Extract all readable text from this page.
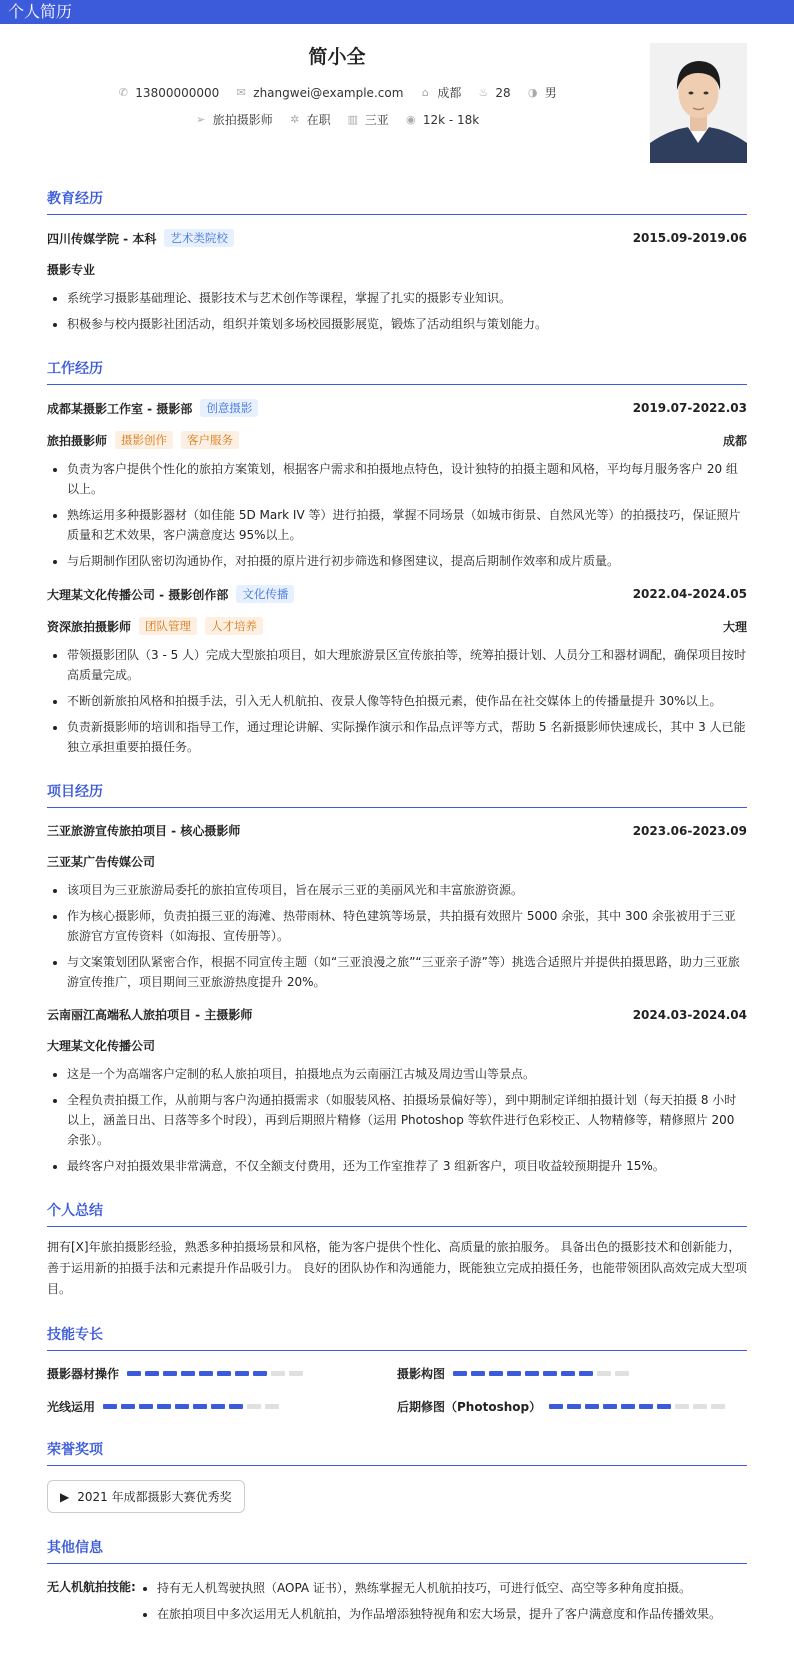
个人简历
简小全
✆ 13800000000 ✉ zhangwei@example.com ⌂ 成都 ♨ 28 ◑ 男
➢ 旅拍摄影师 ✲ 在职 ▥ 三亚 ◉ 12k - 18k
教育经历
四川传媒学院 - 本科	艺术类院校	2015.09-2019.06
摄影专业
• 系统学习摄影基础理论、摄影技术与艺术创作等课程，掌握了扎实的摄影专业知识。
• 积极参与校内摄影社团活动，组织并策划多场校园摄影展览，锻炼了活动组织与策划能力。
工作经历
成都某摄影工作室 - 摄影部	创意摄影	2019.07-2022.03
旅拍摄影师	摄影创作	客户服务	成都
• 负责为客户提供个性化的旅拍方案策划，根据客户需求和拍摄地点特色，设计独特的拍摄主题和风格，平均每月服务客户 20 组以上。
• 熟练运用多种摄影器材（如佳能 5D Mark IV 等）进行拍摄，掌握不同场景（如城市街景、自然风光等）的拍摄技巧，保证照片质量和艺术效果，客户满意度达 95%以上。
• 与后期制作团队密切沟通协作，对拍摄的原片进行初步筛选和修图建议，提高后期制作效率和成片质量。
大理某文化传播公司 - 摄影创作部	文化传播	2022.04-2024.05
资深旅拍摄影师	团队管理	人才培养	大理
• 带领摄影团队（3 - 5 人）完成大型旅拍项目，如大理旅游景区宣传旅拍等，统筹拍摄计划、人员分工和器材调配，确保项目按时高质量完成。
• 不断创新旅拍风格和拍摄手法，引入无人机航拍、夜景人像等特色拍摄元素，使作品在社交媒体上的传播量提升 30%以上。
• 负责新摄影师的培训和指导工作，通过理论讲解、实际操作演示和作品点评等方式，帮助 5 名新摄影师快速成长，其中 3 人已能独立承担重要拍摄任务。
项目经历
三亚旅游宣传旅拍项目 - 核心摄影师	2023.06-2023.09
三亚某广告传媒公司
• 该项目为三亚旅游局委托的旅拍宣传项目，旨在展示三亚的美丽风光和丰富旅游资源。
• 作为核心摄影师，负责拍摄三亚的海滩、热带雨林、特色建筑等场景，共拍摄有效照片 5000 余张，其中 300 余张被用于三亚旅游官方宣传资料（如海报、宣传册等）。
• 与文案策划团队紧密合作，根据不同宣传主题（如“三亚浪漫之旅”“三亚亲子游”等）挑选合适照片并提供拍摄思路，助力三亚旅游宣传推广，项目期间三亚旅游热度提升 20%。
云南丽江高端私人旅拍项目 - 主摄影师	2024.03-2024.04
大理某文化传播公司
• 这是一个为高端客户定制的私人旅拍项目，拍摄地点为云南丽江古城及周边雪山等景点。
• 全程负责拍摄工作，从前期与客户沟通拍摄需求（如服装风格、拍摄场景偏好等），到中期制定详细拍摄计划（每天拍摄 8 小时以上，涵盖日出、日落等多个时段），再到后期照片精修（运用 Photoshop 等软件进行色彩校正、人物精修等，精修照片 200 余张）。
• 最终客户对拍摄效果非常满意，不仅全额支付费用，还为工作室推荐了 3 组新客户，项目收益较预期提升 15%。
个人总结
拥有[X]年旅拍摄影经验，熟悉多种拍摄场景和风格，能为客户提供个性化、高质量的旅拍服务。 具备出色的摄影技术和创新能力，善于运用新的拍摄手法和元素提升作品吸引力。 良好的团队协作和沟通能力，既能独立完成拍摄任务，也能带领团队高效完成大型项目。
技能专长
摄影器材操作	摄影构图
光线运用	后期修图（Photoshop）
荣誉奖项
▶ 2021 年成都摄影大赛优秀奖
其他信息
无人机航拍技能:
• 持有无人机驾驶执照（AOPA 证书），熟练掌握无人机航拍技巧，可进行低空、高空等多种角度拍摄。
• 在旅拍项目中多次运用无人机航拍，为作品增添独特视角和宏大场景，提升了客户满意度和作品传播效果。
